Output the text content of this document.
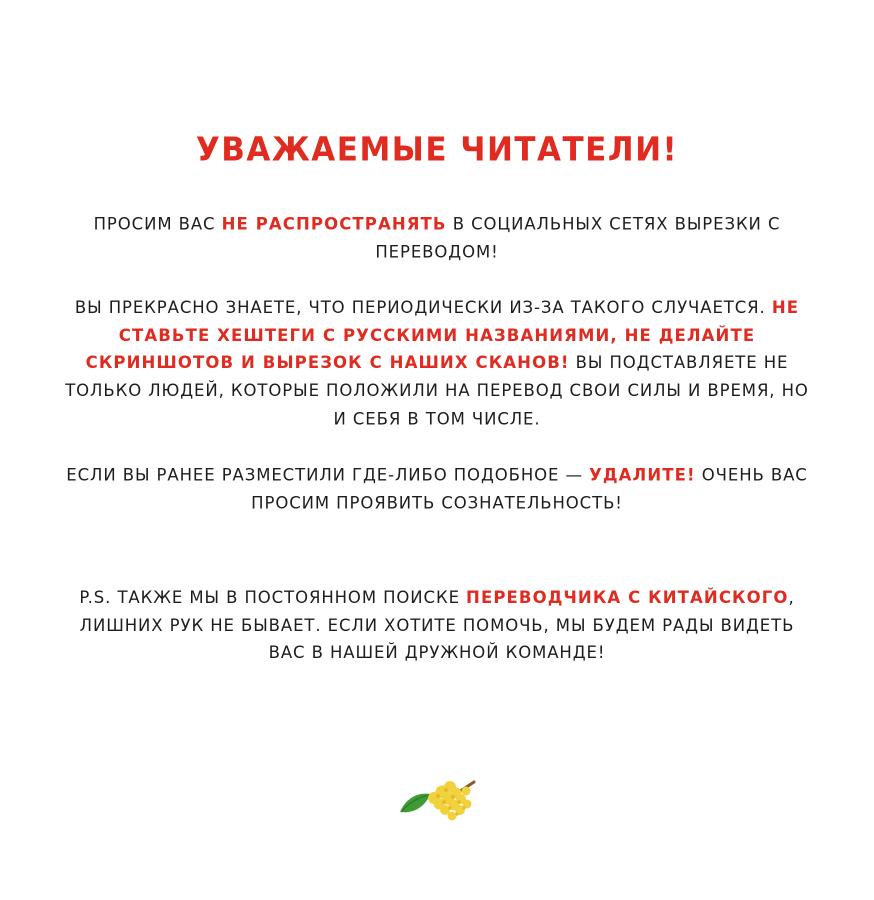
УВАЖАЕМЫЕ ЧИТАТЕЛИ!

ПРОСИМ ВАС НЕ РАСПРОСТРАНЯТЬ В СОЦИАЛЬНЫХ СЕТЯХ ВЫРЕЗКИ С ПЕРЕВОДОМ!

ВЫ ПРЕКРАСНО ЗНАЕТЕ, ЧТО ПЕРИОДИЧЕСКИ ИЗ-ЗА ТАКОГО СЛУЧАЕТСЯ. НЕ СТАВЬТЕ ХЕШТЕГИ С РУССКИМИ НАЗВАНИЯМИ, НЕ ДЕЛАЙТЕ СКРИНШОТОВ И ВЫРЕЗОК С НАШИХ СКАНОВ! ВЫ ПОДСТАВЛЯЕТЕ НЕ ТОЛЬКО ЛЮДЕЙ, КОТОРЫЕ ПОЛОЖИЛИ НА ПЕРЕВОД СВОИ СИЛЫ И ВРЕМЯ, НО И СЕБЯ В ТОМ ЧИСЛЕ.

ЕСЛИ ВЫ РАНЕЕ РАЗМЕСТИЛИ ГДЕ-ЛИБО ПОДОБНОЕ — УДАЛИТЕ! ОЧЕНЬ ВАС ПРОСИМ ПРОЯВИТЬ СОЗНАТЕЛЬНОСТЬ!

P.S. ТАКЖЕ МЫ В ПОСТОЯННОМ ПОИСКЕ ПЕРЕВОДЧИКА С КИТАЙСКОГО, ЛИШНИХ РУК НЕ БЫВАЕТ. ЕСЛИ ХОТИТЕ ПОМОЧЬ, МЫ БУДЕМ РАДЫ ВИДЕТЬ ВАС В НАШЕЙ ДРУЖНОЙ КОМАНДЕ!
